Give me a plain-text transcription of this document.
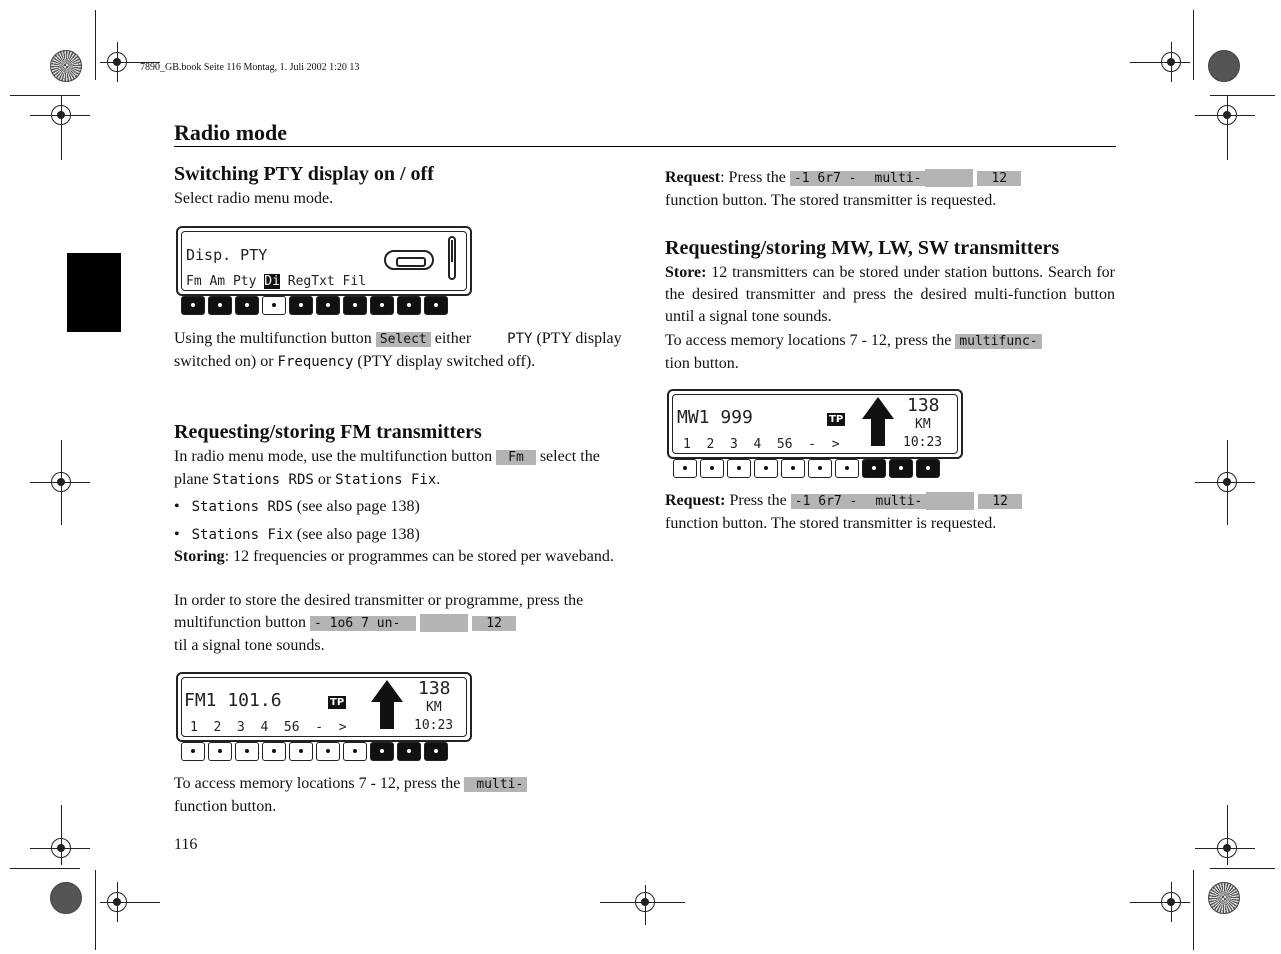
7890_GB.book Seite 116 Montag, 1. Juli 2002 1:20 13
Radio mode
Switching PTY display on / off
Select radio menu mode.
Disp. PTY
Fm Am Pty Di RegTxt Fil
Using the multifunction button Select either	PTY (PTY display switched on) or Frequency (PTY display switched off).
Requesting/storing FM transmitters
In radio menu mode, use the multifunction button Fm select the plane Stations RDS or Stations Fix.
•   Stations RDS (see also page 138)
•   Stations Fix (see also page 138)
Storing: 12 frequencies or programmes can be stored per waveband.
In order to store the desired transmitter or programme, press the multifunction button - 1o6 7 un-	12
til a signal tone sounds.
FM1 101.6	TP
138
KM
1  2  3  4  56  -  >	10:23
To access memory locations 7 - 12, press the multi-
function button.
116
Request: Press the -1 6r7 - multi-	12
function button. The stored transmitter is requested.
Requesting/storing MW, LW, SW transmitters
Store: 12 transmitters can be stored under station buttons. Search for the desired transmitter and press the desired multi-function button until a signal tone sounds.
To access memory locations 7 - 12, press the multifunc-
tion button.
MW1 999	TP
138
KM
1  2  3  4  56  -  >	10:23
Request: Press the -1 6r7 - multi-	12
function button. The stored transmitter is requested.
